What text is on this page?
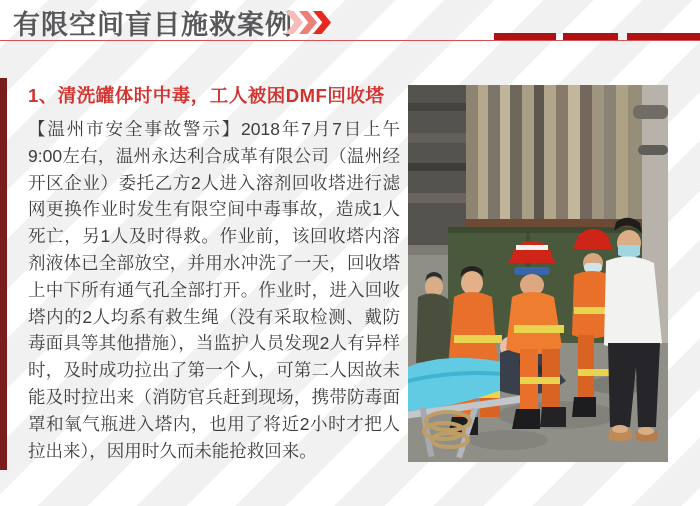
有限空间盲目施救案例
1、清洗罐体时中毒，工人被困DMF回收塔
【温州市安全事故警示】2018年7月7日上午9:00左右，温州永达利合成革有限公司（温州经开区企业）委托乙方2人进入溶剂回收塔进行滤网更换作业时发生有限空间中毒事故，造成1人死亡，另1人及时得救。作业前，该回收塔内溶剂液体已全部放空，并用水冲洗了一天，回收塔上中下所有通气孔全部打开。作业时，进入回收塔内的2人均系有救生绳（没有采取检测、戴防毒面具等其他措施），当监护人员发现2人有异样时，及时成功拉出了第一个人，可第二人因故未能及时拉出来（消防官兵赶到现场，携带防毒面罩和氧气瓶进入塔内，也用了将近2小时才把人拉出来），因用时久而未能抢救回来。
